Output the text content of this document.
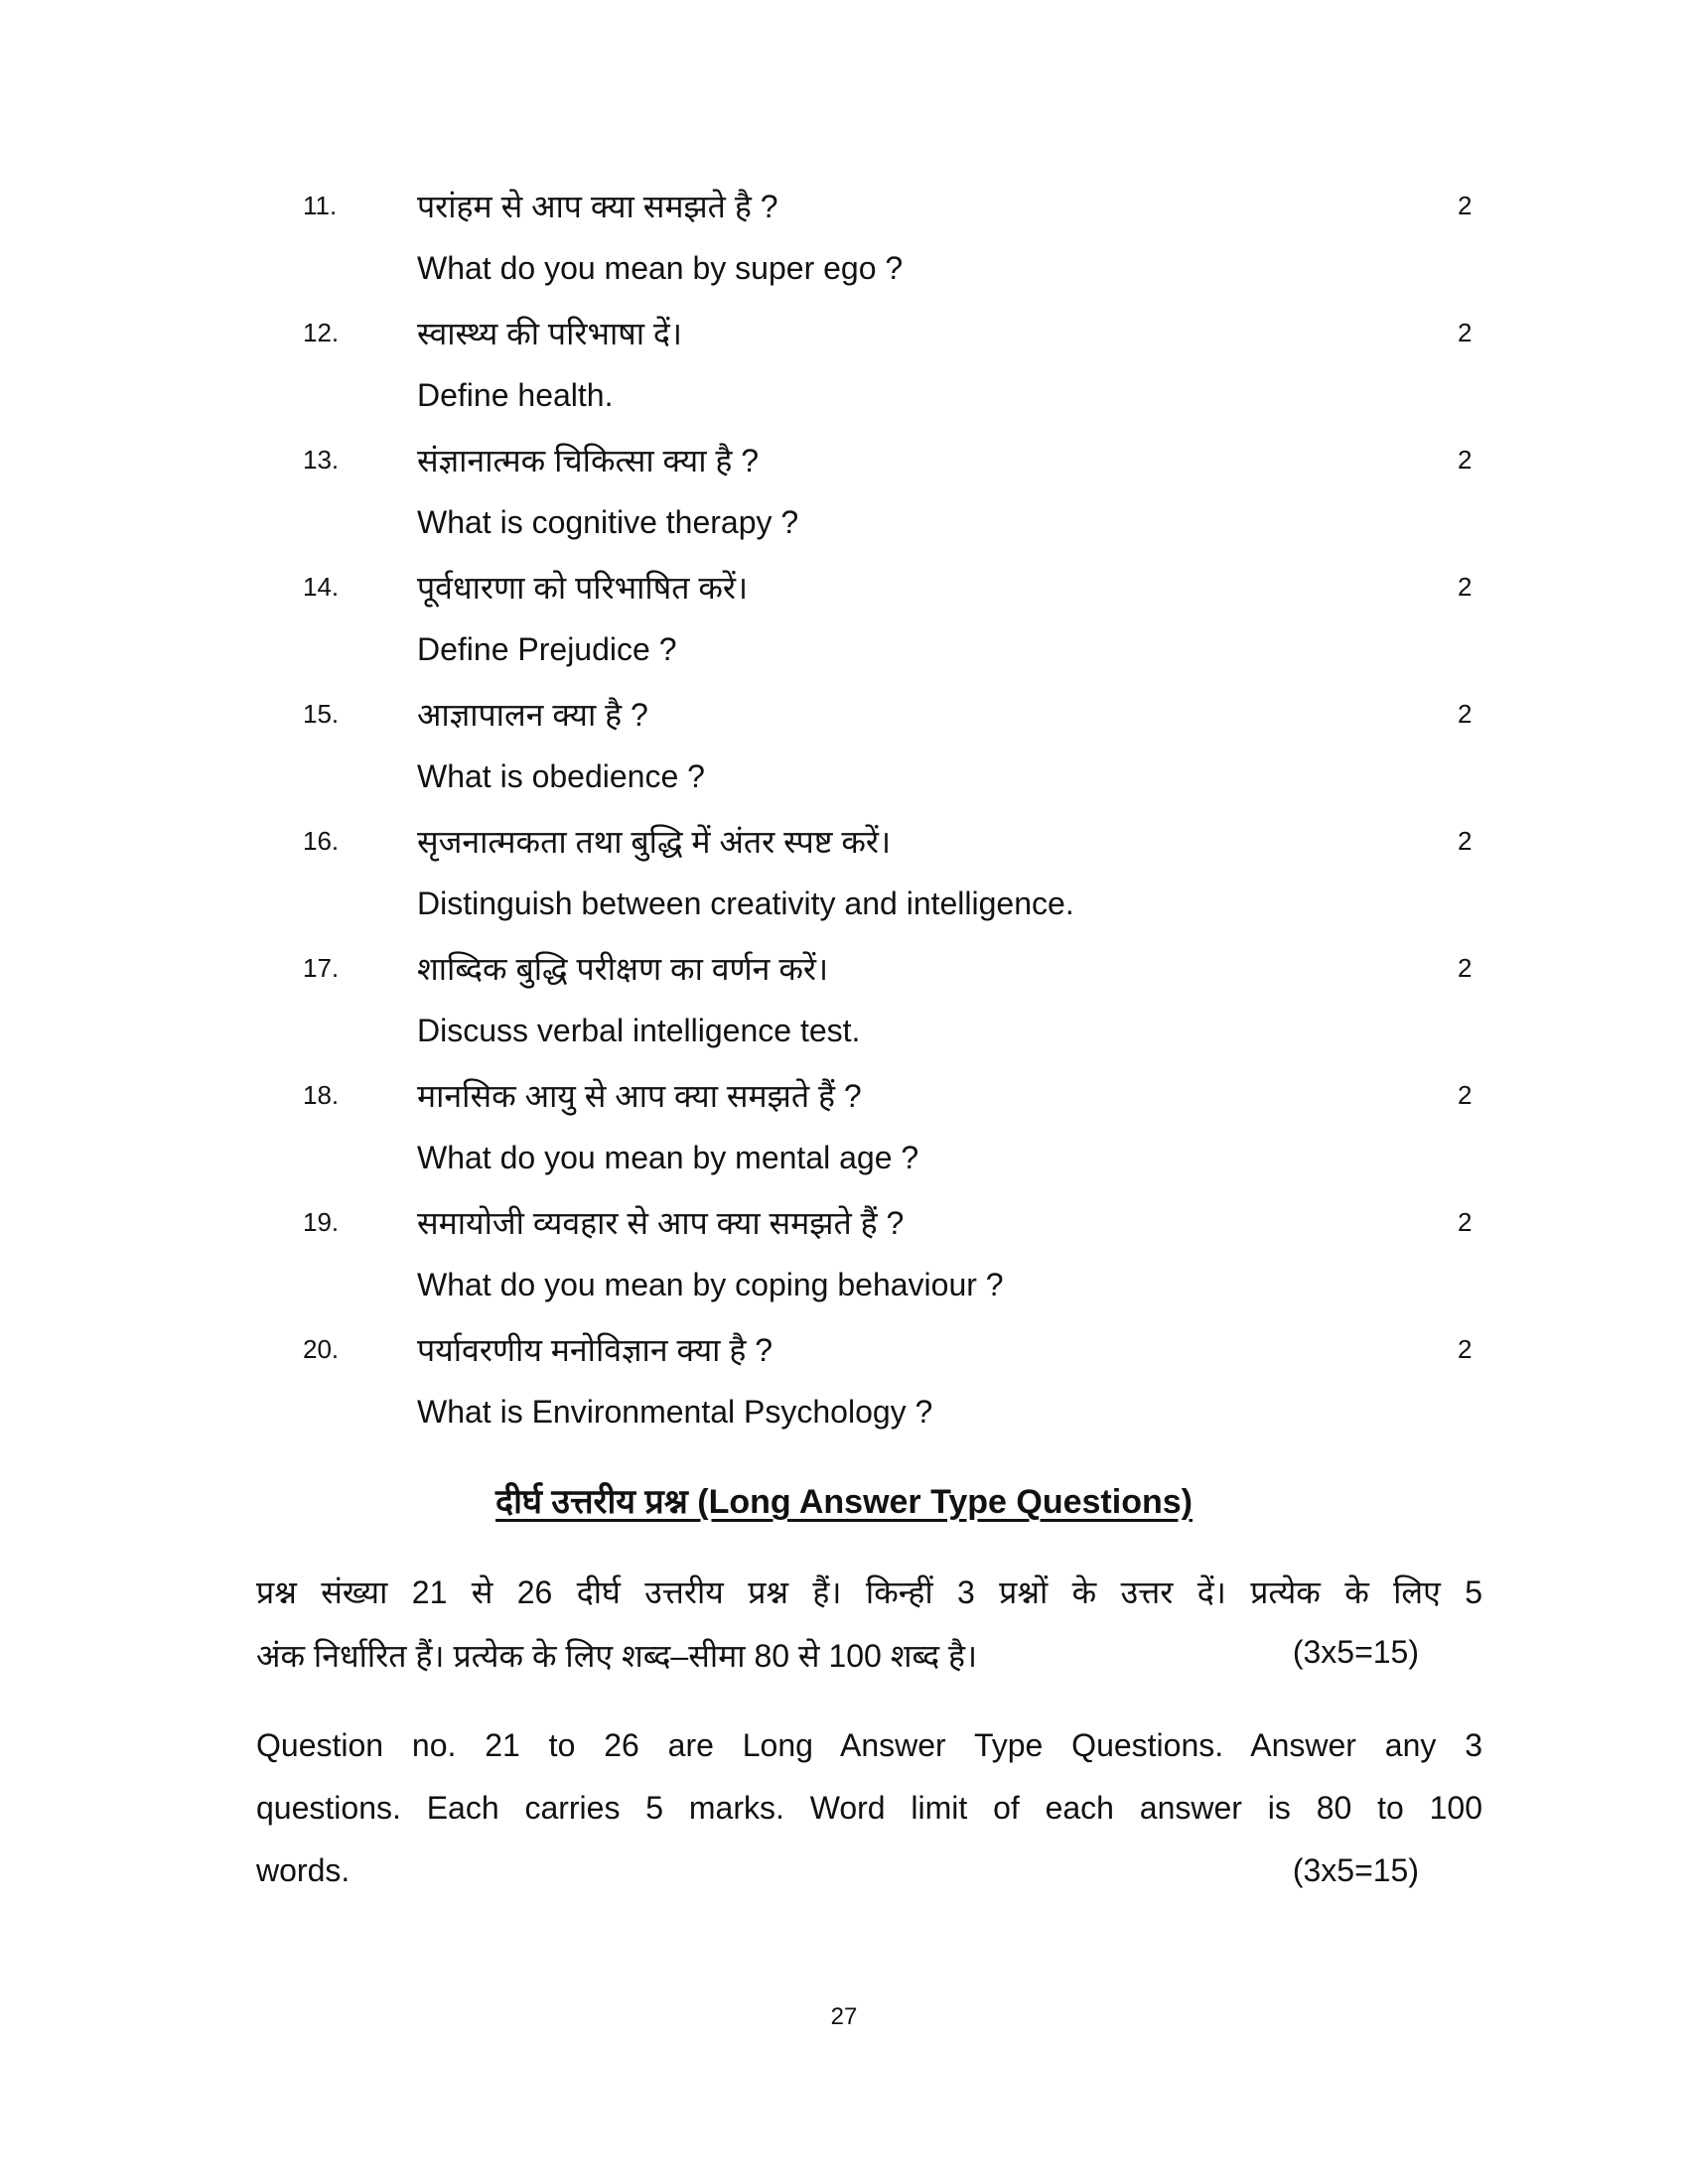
11.	परांहम से आप क्या समझते है ?	2
What do you mean by super ego ?
12. स्वास्थ्य की परिभाषा दें।	2
Define health.
13. संज्ञानात्मक चिकित्सा क्या है ?	2
What is cognitive therapy ?
14. पूर्वधारणा को परिभाषित करें।	2
Define Prejudice ?
15. आज्ञापालन क्या है ?	2
What is obedience ?
16. सृजनात्मकता तथा बुद्धि में अंतर स्पष्ट करें।	2
Distinguish between creativity and intelligence.
17. शाब्दिक बुद्धि परीक्षण का वर्णन करें।	2
Discuss verbal intelligence test.
18. मानसिक आयु से आप क्या समझते हैं ?	2
What do you mean by mental age ?
19. समायोजी व्यवहार से आप क्या समझते हैं ?	2
What do you mean by coping behaviour ?
20. पर्यावरणीय मनोविज्ञान क्या है ?	2
What is Environmental Psychology ?
दीर्घ उत्तरीय प्रश्न (Long Answer Type Questions)
प्रश्न संख्या 21 से 26 दीर्घ उत्तरीय प्रश्न हैं। किन्हीं 3 प्रश्नों के उत्तर दें। प्रत्येक के लिए 5
अंक निर्धारित हैं। प्रत्येक के लिए शब्द–सीमा 80 से 100 शब्द है।	(3x5=15)
Question no. 21 to 26 are Long Answer Type Questions. Answer any 3
questions. Each carries 5 marks. Word limit of each answer is 80 to 100
words.	(3x5=15)
27
